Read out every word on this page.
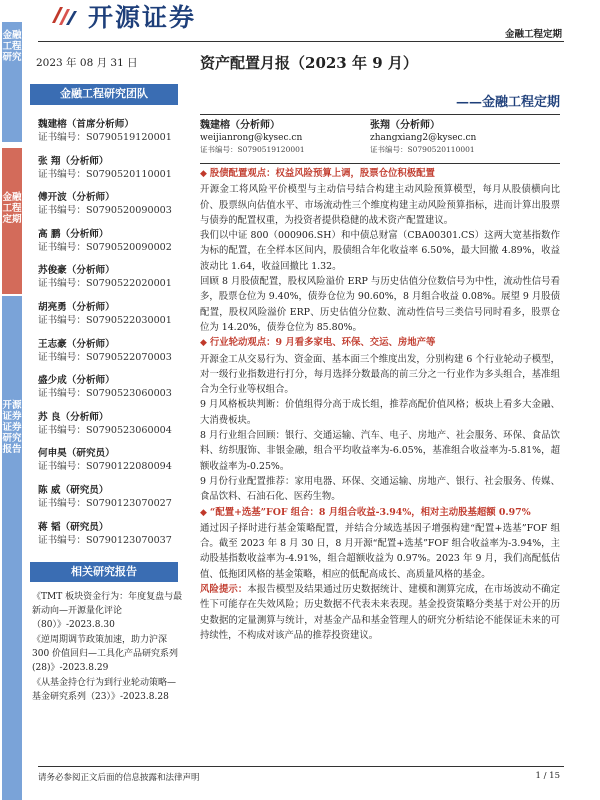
金融工程研究
金融工程定期
开源证券 证券研究报告
开源证券
金融工程定期
2023 年 08 月 31 日	资产配置月报（2023 年 9 月）
——金融工程定期
金融工程研究团队
魏建榕（首席分析师）
证书编号：S0790519120001
张 翔（分析师）
证书编号：S0790520110001
傅开波（分析师）
证书编号：S0790520090003
高 鹏（分析师）
证书编号：S0790520090002
苏俊豪（分析师）
证书编号：S0790522020001
胡亮勇（分析师）
证书编号：S0790522030001
王志豪（分析师）
证书编号：S0790522070003
盛少成（分析师）
证书编号：S0790523060003
苏 良（分析师）
证书编号：S0790523060004
何申昊（研究员）
证书编号：S0790122080094
陈 威（研究员）
证书编号：S0790123070027
蒋 韬（研究员）
证书编号：S0790123070037
相关研究报告
《TMT 板块资金行为：年度复盘与最新动向—开源量化评论（80）》-2023.8.30
《逆周期调节政策加速，助力沪深 300 价值回归—工具化产品研究系列(28)》-2023.8.29
《从基金持仓行为到行业轮动策略—基金研究系列（23）》-2023.8.28
魏建榕（分析师）
weijianrong@kysec.cn
证书编号：S0790519120001
张翔（分析师）
zhangxiang2@kysec.cn
证书编号：S0790520110001

◆ 股债配置观点：权益风险预算上调，股票仓位积极配置

开源金工将风险平价模型与主动信号结合构建主动风险预算模型，每月从股债横向比价、股票纵向估值水平、市场流动性三个维度构建主动风险预算指标，进而计算出股票与债券的配置权重，为投资者提供稳健的战术资产配置建议。

我们以中证 800（000906.SH）和中债总财富（CBA00301.CS）这两大宽基指数作为标的配置，在全样本区间内，股债组合年化收益率 6.50%，最大回撤 4.89%，收益波动比 1.64，收益回撤比 1.32。

回顾 8 月股债配置，股权风险溢价 ERP 与历史估值分位数信号为中性，流动性信号看多，股票仓位为 9.40%，债券仓位为 90.60%，8 月组合收益 0.08%。展望 9 月股债配置，股权风险溢价 ERP、历史估值分位数、流动性信号三类信号同时看多，股票仓位为 14.20%，债券仓位为 85.80%。

◆ 行业轮动观点：9 月看多家电、环保、交运、房地产等

开源金工从交易行为、资金面、基本面三个维度出发，分别构建 6 个行业轮动子模型，对一级行业指数进行打分，每月选择分数最高的前三分之一行业作为多头组合，基准组合为全行业等权组合。

9 月风格板块判断：价值组得分高于成长组，推荐高配价值风格；板块上看多大金融、大消费板块。

8 月行业组合回顾：银行、交通运输、汽车、电子、房地产、社会服务、环保、食品饮料、纺织服饰、非银金融，组合平均收益率为-6.05%，基准组合收益率为-5.81%，超额收益率为-0.25%。

9 月份行业配置推荐：家用电器、环保、交通运输、房地产、银行、社会服务、传媒、食品饮料、石油石化、医药生物。

◆ “配置+选基”FOF 组合：8 月组合收益-3.94%，相对主动股基超额 0.97%

通过因子择时进行基金策略配置，并结合分域选基因子增强构建“配置+选基”FOF 组合。截至 2023 年 8 月 30 日，8 月开源“配置+选基”FOF 组合收益率为-3.94%，主动股基指数收益率为-4.91%，组合超额收益为 0.97%。2023 年 9 月，我们高配低估值、低拖团风格的基金策略，相应的低配高成长、高质量风格的基金。

风险提示：本报告模型及结果通过历史数据统计、建模和测算完成，在市场波动不确定性下可能存在失效风险；历史数据不代表未来表现。基金投资策略分类基于对公开的历史数据的定量测算与统计，对基金产品和基金管理人的研究分析结论不能保证未来的可持续性，不构成对该产品的推荐投资建议。

请务必参阅正文后面的信息披露和法律声明	1 / 15
